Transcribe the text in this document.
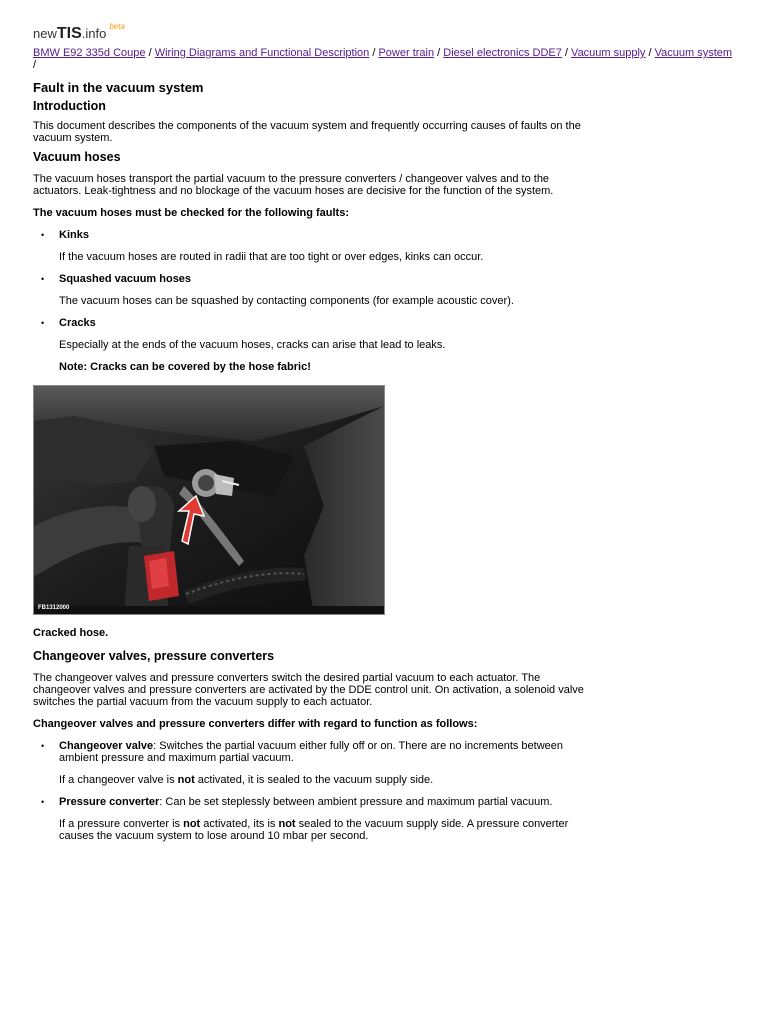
newTIS.info $^{beta}$
BMW E92 335d Coupe / Wiring Diagrams and Functional Description / Power train / Diesel electronics DDE7 / Vacuum supply / Vacuum system
/
Fault in the vacuum system
Introduction

This document describes the components of the vacuum system and frequently occurring causes of faults on the vacuum system.

Vacuum hoses

The vacuum hoses transport the partial vacuum to the pressure converters / changeover valves and to the actuators. Leak-tightness and no blockage of the vacuum hoses are decisive for the function of the system.

The vacuum hoses must be checked for the following faults:

• Kinks

If the vacuum hoses are routed in radii that are too tight or over edges, kinks can occur.

• Squashed vacuum hoses

The vacuum hoses can be squashed by contacting components (for example acoustic cover).

• Cracks

Especially at the ends of the vacuum hoses, cracks can arise that lead to leaks.

Note: Cracks can be covered by the hose fabric!

FB1312000

Cracked hose.

Changeover valves, pressure converters

The changeover valves and pressure converters switch the desired partial vacuum to each actuator. The changeover valves and pressure converters are activated by the DDE control unit. On activation, a solenoid valve switches the partial vacuum from the vacuum supply to each actuator.

Changeover valves and pressure converters differ with regard to function as follows:

• Changeover valve: Switches the partial vacuum either fully off or on. There are no increments between ambient pressure and maximum partial vacuum.

If a changeover valve is not activated, it is sealed to the vacuum supply side.

• Pressure converter: Can be set steplessly between ambient pressure and maximum partial vacuum.

If a pressure converter is not activated, its is not sealed to the vacuum supply side. A pressure converter causes the vacuum system to lose around 10 mbar per second.
